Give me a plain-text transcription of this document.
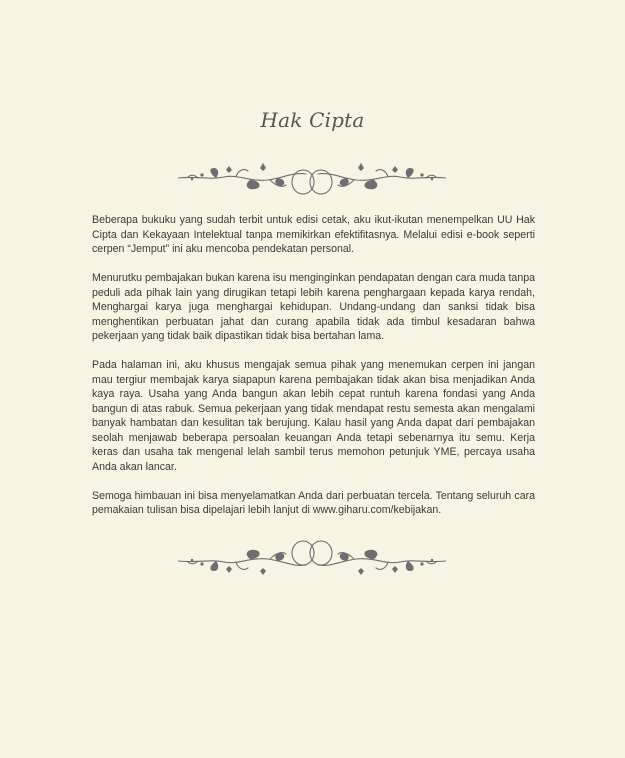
Hak Cipta

Beberapa bukuku yang sudah terbit untuk edisi cetak, aku ikut-ikutan menempelkan UU Hak Cipta dan Kekayaan Intelektual tanpa memikirkan efektifitasnya. Melalui edisi e-book seperti cerpen “Jemput” ini aku mencoba pendekatan personal.

Menurutku pembajakan bukan karena isu menginginkan pendapatan dengan cara muda tanpa peduli ada pihak lain yang dirugikan tetapi lebih karena penghargaan kepada karya rendah, Menghargai karya juga menghargai kehidupan. Undang-undang dan sanksi tidak bisa menghentikan perbuatan jahat dan curang apabila tidak ada timbul kesadaran bahwa pekerjaan yang tidak baik dipastikan tidak bisa bertahan lama.

Pada halaman ini, aku khusus mengajak semua pihak yang menemukan cerpen ini jangan mau tergiur membajak karya siapapun karena pembajakan tidak akan bisa menjadikan Anda kaya raya. Usaha yang Anda bangun akan lebih cepat runtuh karena fondasi yang Anda bangun di atas rabuk. Semua pekerjaan yang tidak mendapat restu semesta akan mengalami banyak hambatan dan kesulitan tak berujung. Kalau hasil yang Anda dapat dari pembajakan seolah menjawab beberapa persoalan keuangan Anda tetapi sebenarnya itu semu. Kerja keras dan usaha tak mengenal lelah sambil terus memohon petunjuk YME, percaya usaha Anda akan lancar.

Semoga himbauan ini bisa menyelamatkan Anda dari perbuatan tercela. Tentang seluruh cara pemakaian tulisan bisa dipelajari lebih lanjut di www.giharu.com/kebijakan.
